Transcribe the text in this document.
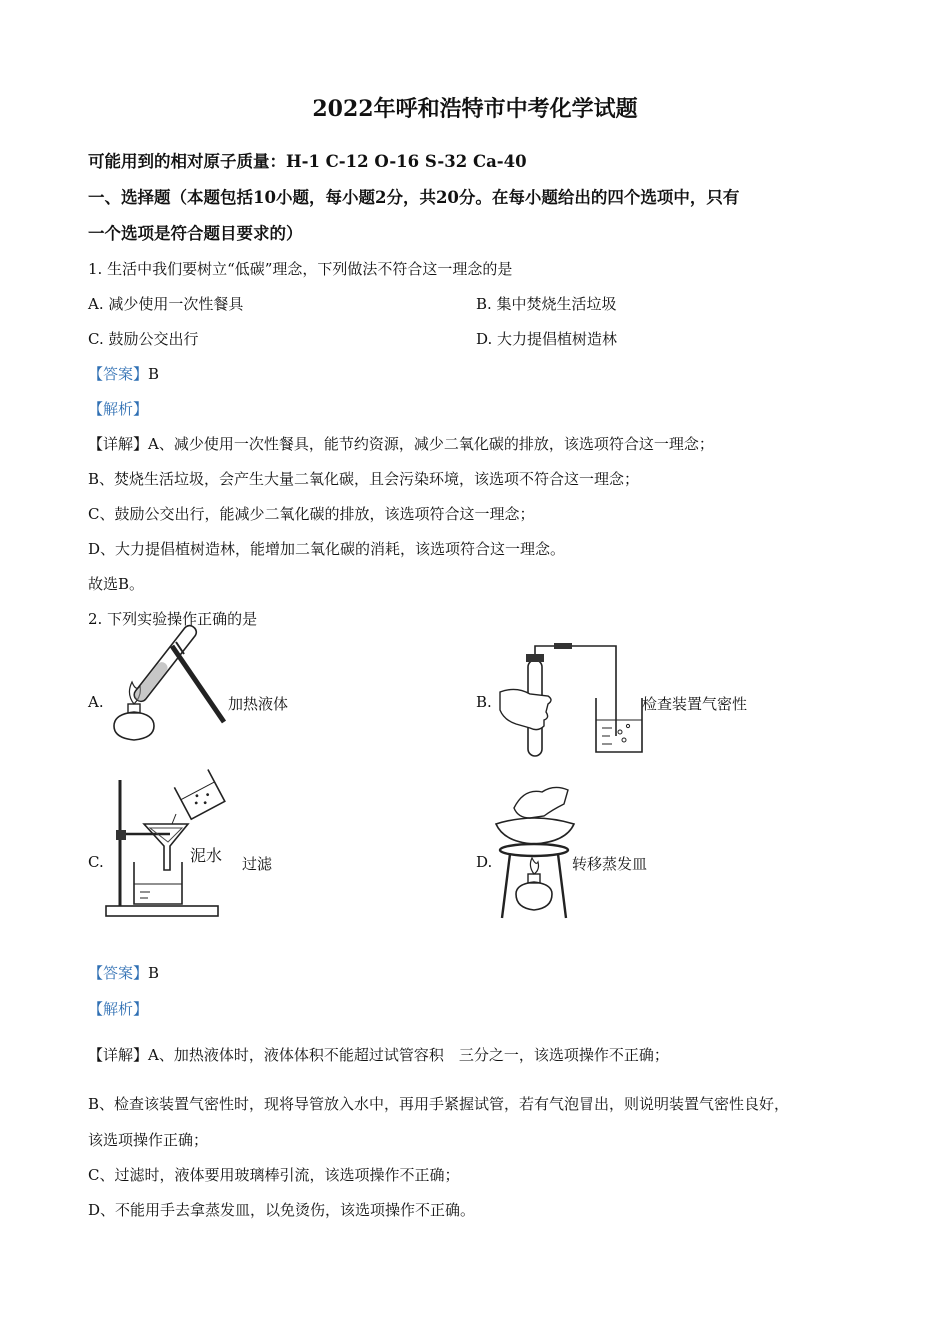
2022年呼和浩特市中考化学试题
可能用到的相对原子质量：H-1 C-12 O-16 S-32 Ca-40
一、选择题（本题包括10小题，每小题2分，共20分。在每小题给出的四个选项中，只有
一个选项是符合题目要求的）
1. 生活中我们要树立“低碳”理念，下列做法不符合这一理念的是
A. 减少使用一次性餐具	B. 集中焚烧生活垃圾
C. 鼓励公交出行	D. 大力提倡植树造林
【答案】B
【解析】
【详解】A、减少使用一次性餐具，能节约资源，减少二氧化碳的排放，该选项符合这一理念；
B、焚烧生活垃圾，会产生大量二氧化碳，且会污染环境，该选项不符合这一理念；
C、鼓励公交出行，能减少二氧化碳的排放，该选项符合这一理念；
D、大力提倡植树造林，能增加二氧化碳的消耗，该选项符合这一理念。
故选B。
2. 下列实验操作正确的是
A.	加热液体	B.	检查装置气密性
C.	泥水 过滤	D.	转移蒸发皿
【答案】B
【解析】
【详解】A、加热液体时，液体体积不能超过试管容积　三分之一，该选项操作不正确；
B、检查该装置气密性时，现将导管放入水中，再用手紧握试管，若有气泡冒出，则说明装置气密性良好，
该选项操作正确；
C、过滤时，液体要用玻璃棒引流，该选项操作不正确；
D、不能用手去拿蒸发皿，以免烫伤，该选项操作不正确。
